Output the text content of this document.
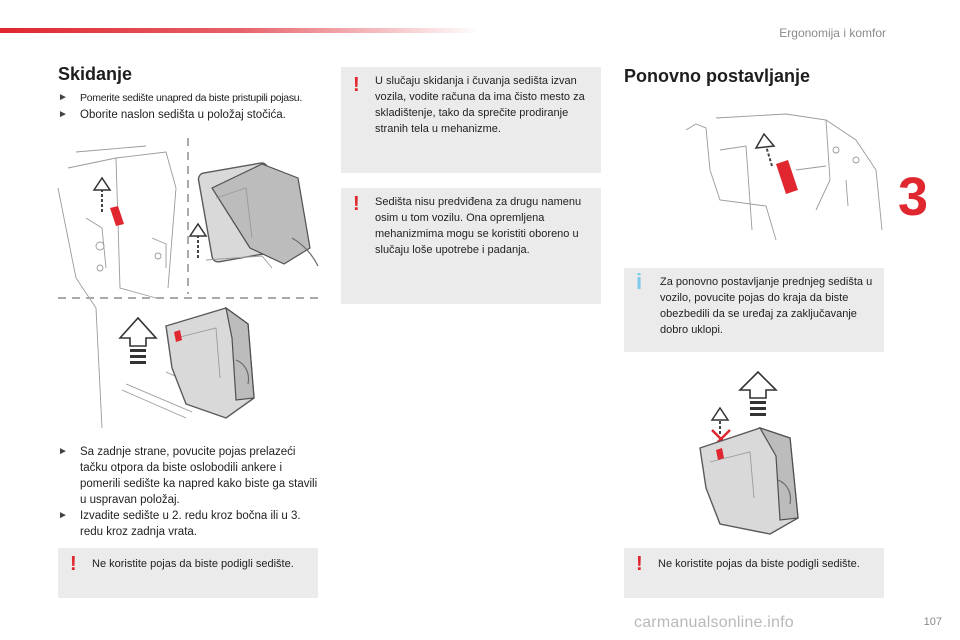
Ergonomija i komfor
3
107
carmanualsonline.info
Skidanje
►	Pomerite sedište unapred da biste pristupili pojasu.
►	Oborite naslon sedišta u položaj stočića.
►	Sa zadnje strane, povucite pojas prelazeći tačku otpora da biste oslobodili ankere i pomerili sedište ka napred kako biste ga stavili u uspravan položaj.
►	Izvadite sedište u 2. redu kroz bočna ili u 3. redu kroz zadnja vrata.
! Ne koristite pojas da biste podigli sedište.
! U slučaju skidanja i čuvanja sedišta izvan vozila, vodite računa da ima čisto mesto za skladištenje, tako da sprečite prodiranje stranih tela u mehanizme.
! Sedišta nisu predviđena za drugu namenu osim u tom vozilu. Ona opremljena mehanizmima mogu se koristiti oboreno u slučaju loše upotrebe i padanja.
Ponovno postavljanje
i Za ponovno postavljanje prednjeg sedišta u vozilo, povucite pojas do kraja da biste obezbedili da se uređaj za zaključavanje dobro uklopi.
! Ne koristite pojas da biste podigli sedište.
